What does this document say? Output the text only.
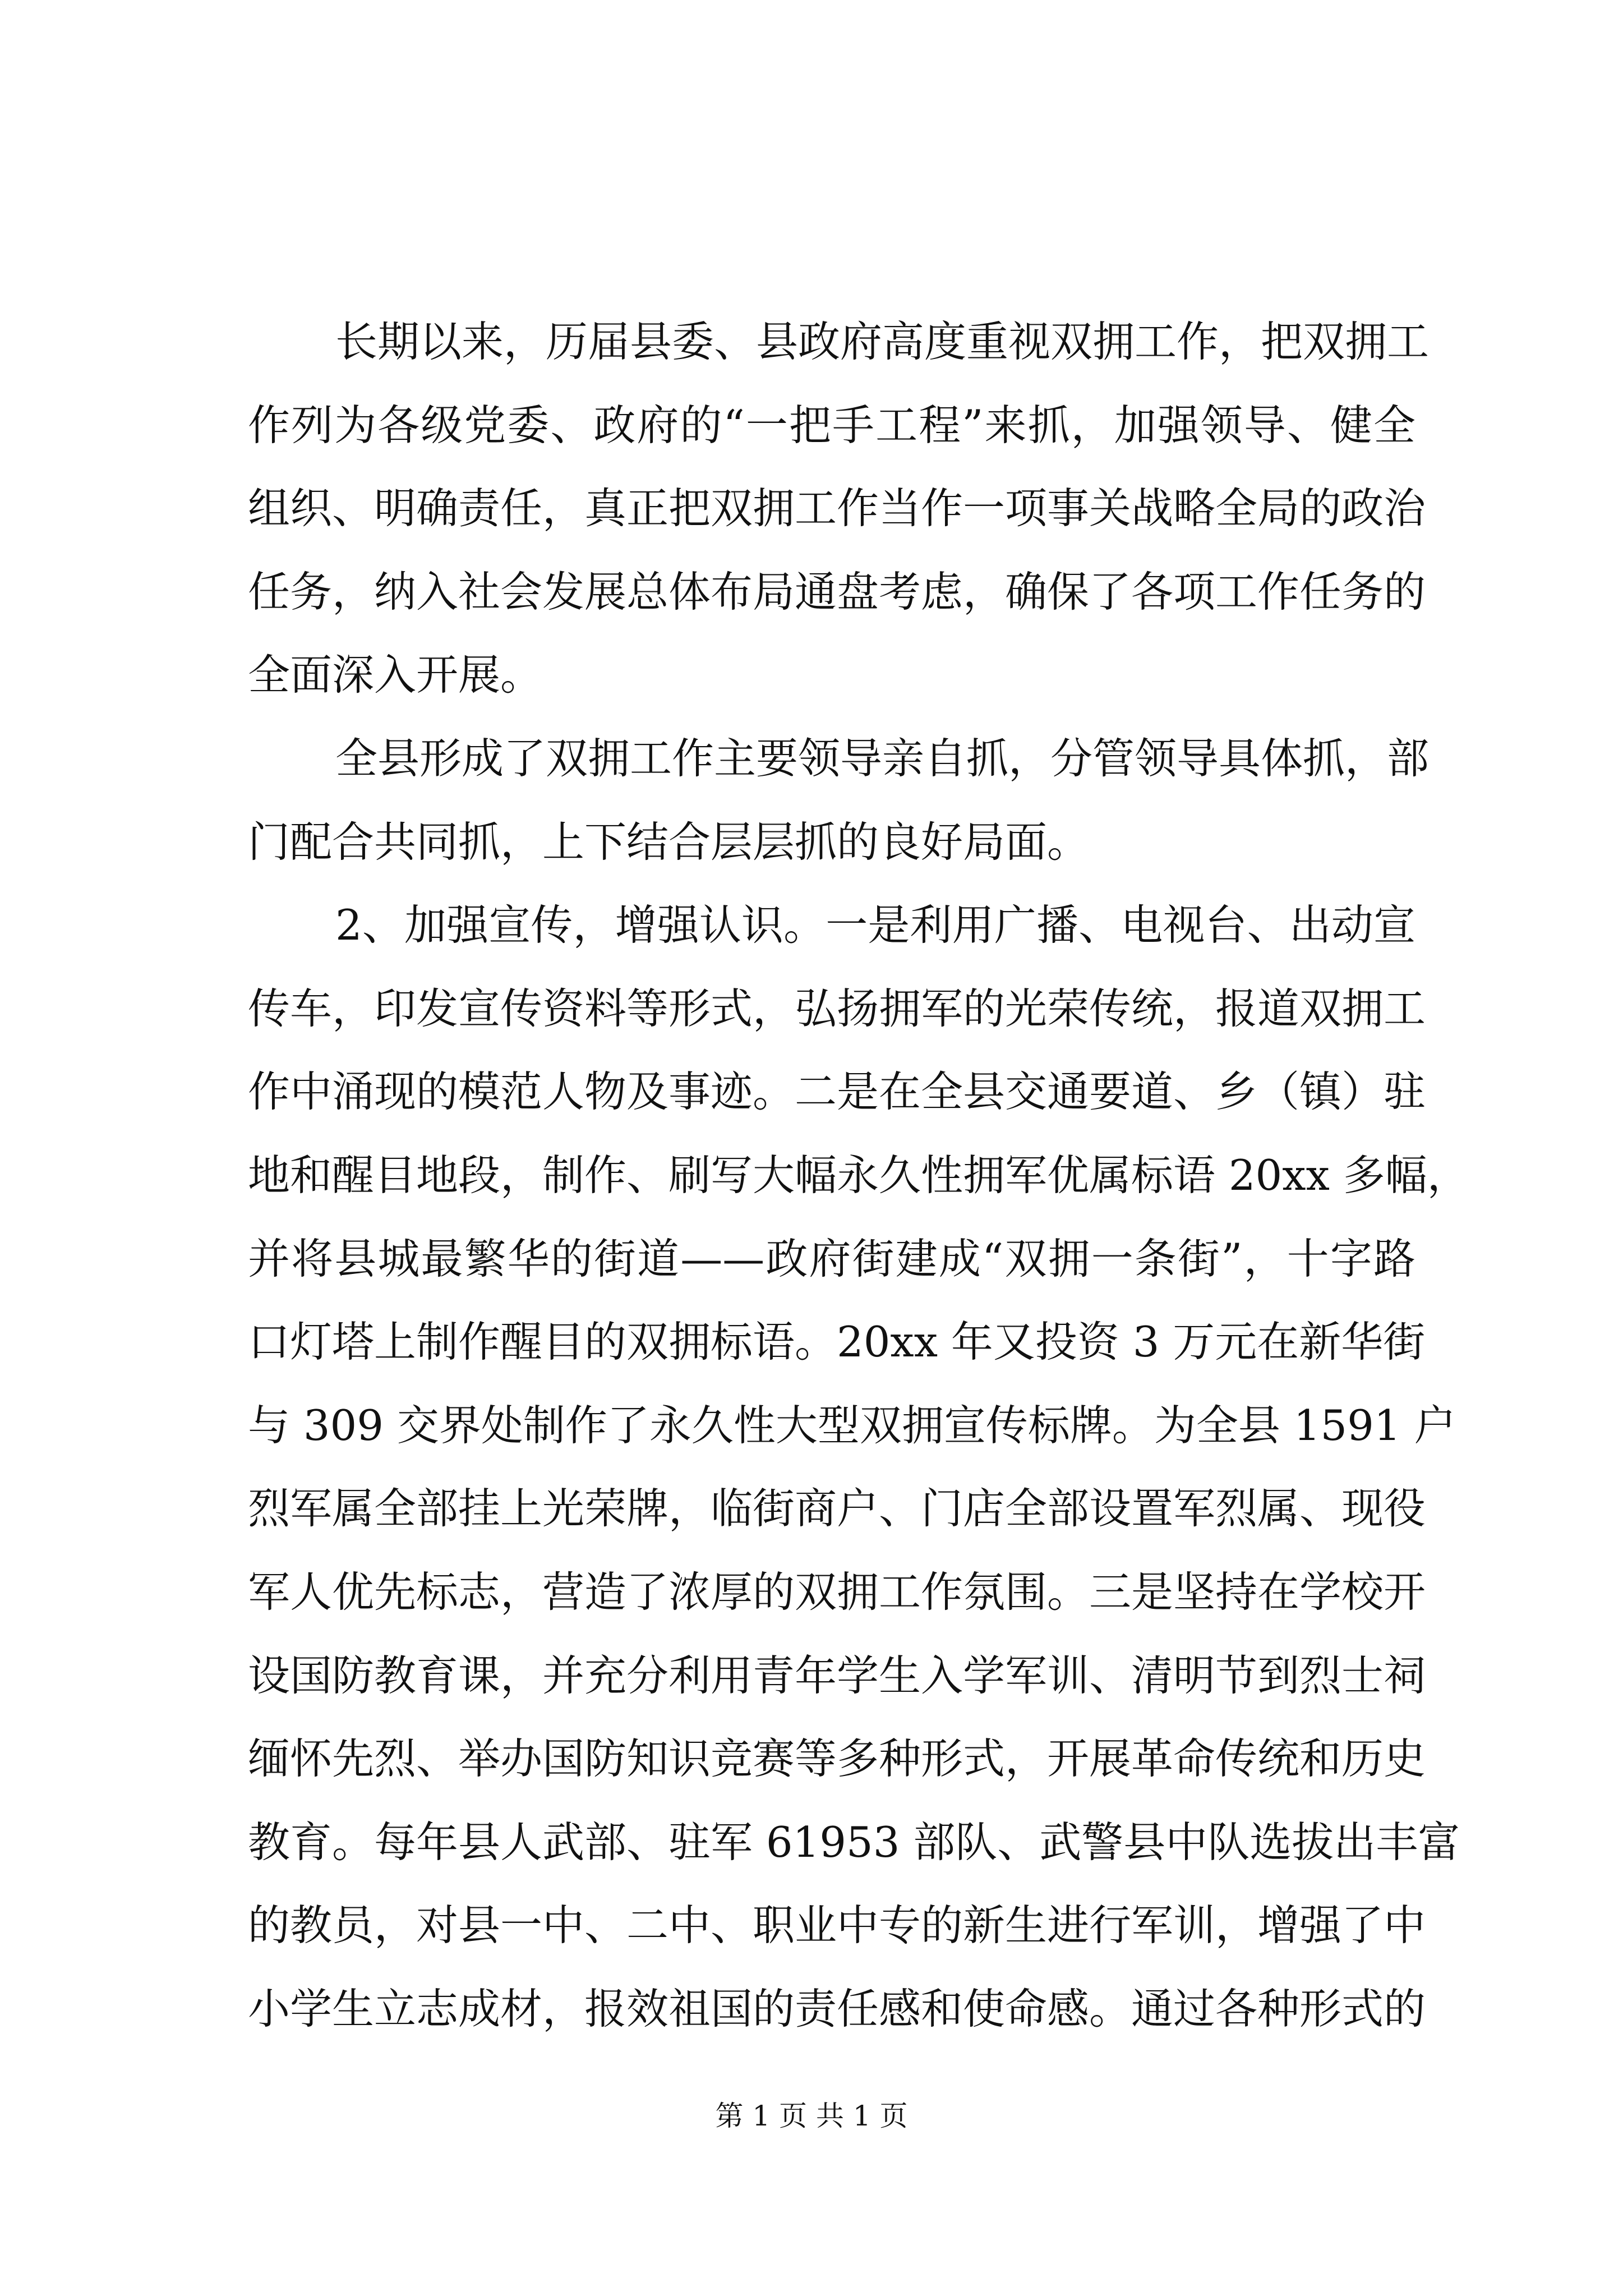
长期以来，历届县委、县政府高度重视双拥工作，把双拥工
作列为各级党委、政府的“一把手工程”来抓，加强领导、健全
组织、明确责任，真正把双拥工作当作一项事关战略全局的政治
任务，纳入社会发展总体布局通盘考虑，确保了各项工作任务的
全面深入开展。
全县形成了双拥工作主要领导亲自抓，分管领导具体抓，部
门配合共同抓，上下结合层层抓的良好局面。
2、加强宣传，增强认识。一是利用广播、电视台、出动宣
传车，印发宣传资料等形式，弘扬拥军的光荣传统，报道双拥工
作中涌现的模范人物及事迹。二是在全县交通要道、乡（镇）驻
地和醒目地段，制作、刷写大幅永久性拥军优属标语 20xx 多幅，
并将县城最繁华的街道——政府街建成“双拥一条街”，十字路
口灯塔上制作醒目的双拥标语。20xx 年又投资 3 万元在新华街
与 309 交界处制作了永久性大型双拥宣传标牌。为全县 1591 户
烈军属全部挂上光荣牌，临街商户、门店全部设置军烈属、现役
军人优先标志，营造了浓厚的双拥工作氛围。三是坚持在学校开
设国防教育课，并充分利用青年学生入学军训、清明节到烈士祠
缅怀先烈、举办国防知识竞赛等多种形式，开展革命传统和历史
教育。每年县人武部、驻军 61953 部队、武警县中队选拔出丰富
的教员，对县一中、二中、职业中专的新生进行军训，增强了中
小学生立志成材，报效祖国的责任感和使命感。通过各种形式的
第 1 页 共 1 页
